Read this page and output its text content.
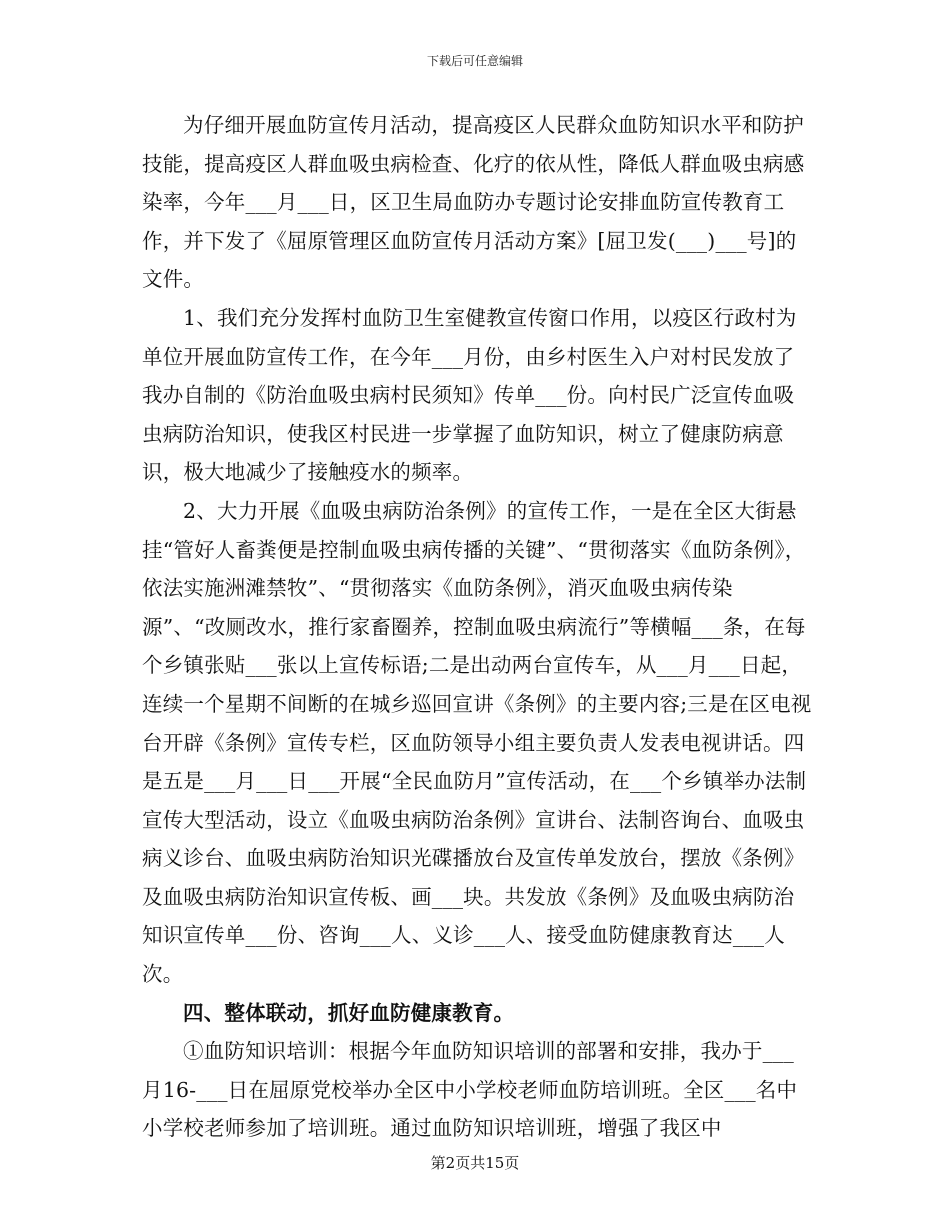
下载后可任意编辑

为仔细开展血防宣传月活动，提高疫区人民群众血防知识水平和防护技能，提高疫区人群血吸虫病检查、化疗的依从性，降低人群血吸虫病感染率，今年___月___日，区卫生局血防办专题讨论安排血防宣传教育工作，并下发了《屈原管理区血防宣传月活动方案》[屈卫发(___)___号]的文件。

1、我们充分发挥村血防卫生室健教宣传窗口作用，以疫区行政村为单位开展血防宣传工作，在今年___月份，由乡村医生入户对村民发放了我办自制的《防治血吸虫病村民须知》传单___份。向村民广泛宣传血吸虫病防治知识，使我区村民进一步掌握了血防知识，树立了健康防病意识，极大地减少了接触疫水的频率。

2、大力开展《血吸虫病防治条例》的宣传工作，一是在全区大街悬挂“管好人畜粪便是控制血吸虫病传播的关键”、“贯彻落实《血防条例》，依法实施洲滩禁牧”、“贯彻落实《血防条例》，消灭血吸虫病传染源”、“改厕改水，推行家畜圈养，控制血吸虫病流行”等横幅___条，在每个乡镇张贴___张以上宣传标语;二是出动两台宣传车，从___月___日起，连续一个星期不间断的在城乡巡回宣讲《条例》的主要内容;三是在区电视台开辟《条例》宣传专栏，区血防领导小组主要负责人发表电视讲话。四是五是___月___日___开展“全民血防月”宣传活动，在___个乡镇举办法制宣传大型活动，设立《血吸虫病防治条例》宣讲台、法制咨询台、血吸虫病义诊台、血吸虫病防治知识光碟播放台及宣传单发放台，摆放《条例》及血吸虫病防治知识宣传板、画___块。共发放《条例》及血吸虫病防治知识宣传单___份、咨询___人、义诊___人、接受血防健康教育达___人次。

四、整体联动，抓好血防健康教育。

①血防知识培训：根据今年血防知识培训的部署和安排，我办于___月16-___日在屈原党校举办全区中小学校老师血防培训班。全区___名中小学校老师参加了培训班。通过血防知识培训班，增强了我区中

第2页共15页
